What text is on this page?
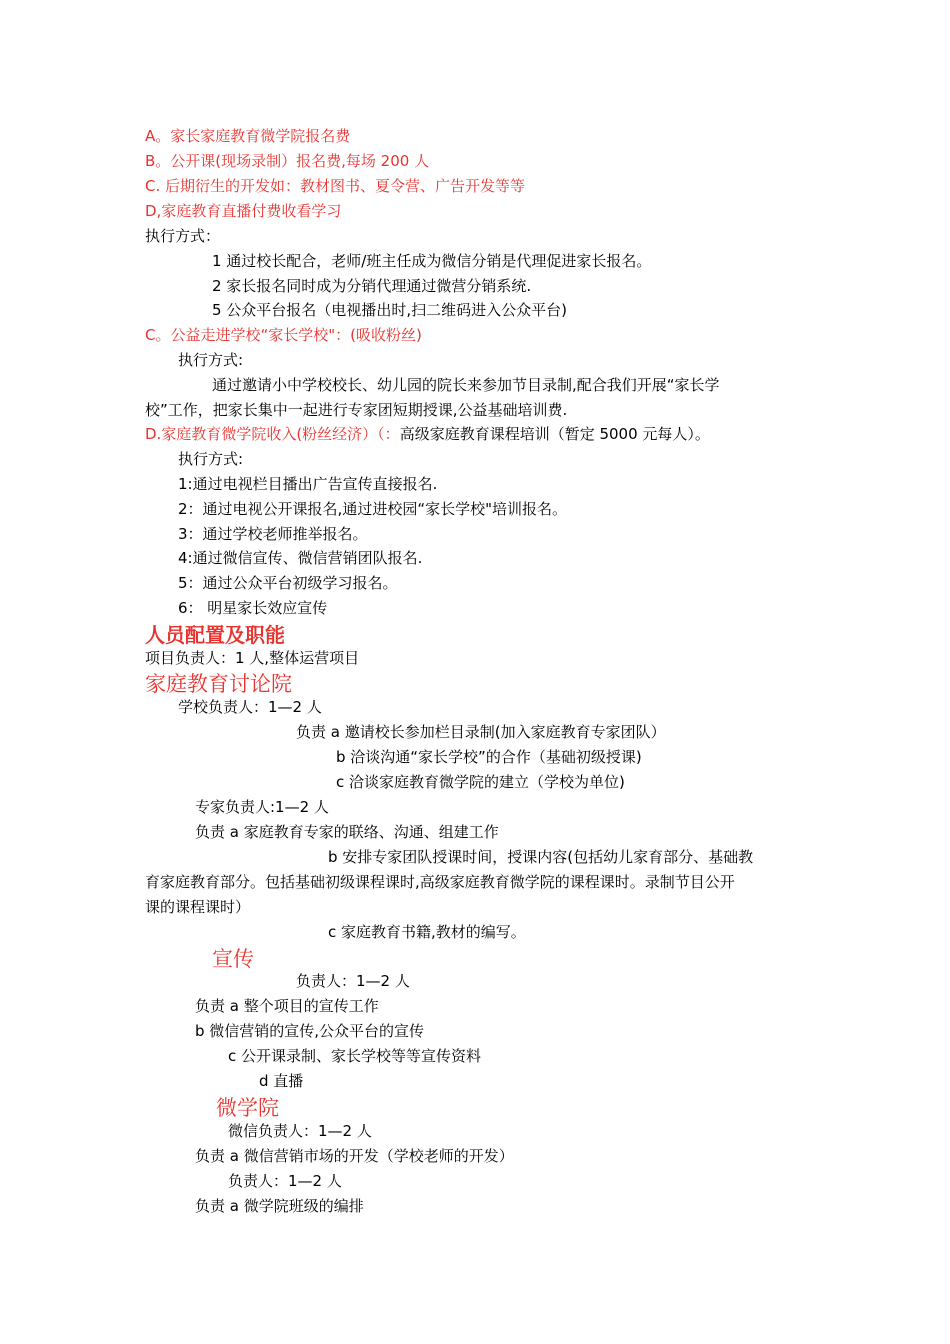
A。家长家庭教育微学院报名费
B。公开课(现场录制）报名费,每场 200 人
C. 后期衍生的开发如：教材图书、夏令营、广告开发等等
D,家庭教育直播付费收看学习
执行方式：
1 通过校长配合，老师/班主任成为微信分销是代理促进家长报名。
2 家长报名同时成为分销代理通过微营分销系统.
5 公众平台报名（电视播出时,扫二维码进入公众平台)
C。公益走进学校“家长学校"：(吸收粉丝)
执行方式:
通过邀请小中学校校长、幼儿园的院长来参加节目录制,配合我们开展“家长学
校”工作，把家长集中一起进行专家团短期授课,公益基础培训费.
D.家庭教育微学院收入(粉丝经济）（：高级家庭教育课程培训（暂定 5000 元每人）。
执行方式:
1:通过电视栏目播出广告宣传直接报名.
2：通过电视公开课报名,通过进校园“家长学校"培训报名。
3：通过学校老师推举报名。
4:通过微信宣传、微信营销团队报名.
5：通过公众平台初级学习报名。
6： 明星家长效应宣传
人员配置及职能
项目负责人：1 人,整体运营项目
家庭教育讨论院
学校负责人：1—2 人
负责 a 邀请校长参加栏目录制(加入家庭教育专家团队）
b 洽谈沟通“家长学校”的合作（基础初级授课)
c 洽谈家庭教育微学院的建立（学校为单位)
专家负责人:1—2 人
负责 a 家庭教育专家的联络、沟通、组建工作
b 安排专家团队授课时间，授课内容(包括幼儿家育部分、基础教
育家庭教育部分。包括基础初级课程课时,高级家庭教育微学院的课程课时。录制节目公开
课的课程课时）
c 家庭教育书籍,教材的编写。
宣传
负责人：1—2 人
负责 a 整个项目的宣传工作
b 微信营销的宣传,公众平台的宣传
c 公开课录制、家长学校等等宣传资料
d 直播
微学院
微信负责人：1—2 人
负责 a 微信营销市场的开发（学校老师的开发）
负责人：1—2 人
负责 a 微学院班级的编排
